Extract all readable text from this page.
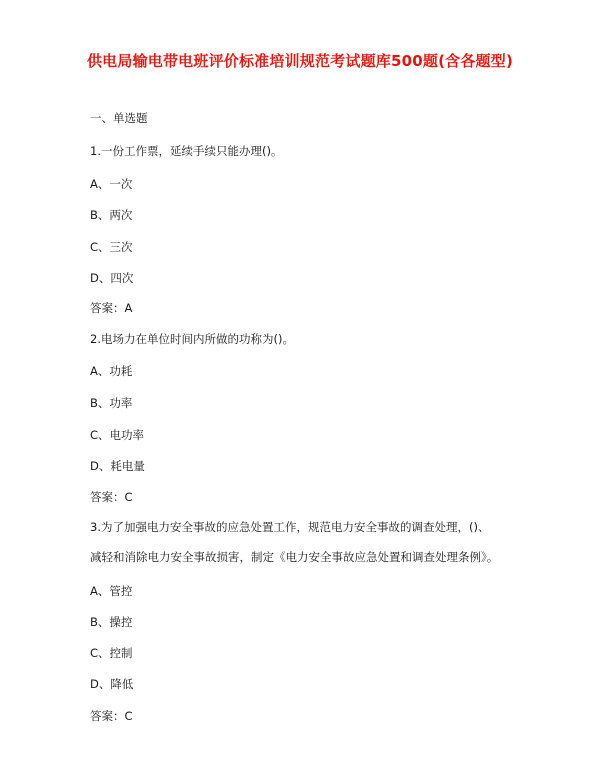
供电局输电带电班评价标准培训规范考试题库500题(含各题型)
一、单选题
1.一份工作票，延续手续只能办理()。
A、一次
B、两次
C、三次
D、四次
答案：A
2.电场力在单位时间内所做的功称为()。
A、功耗
B、功率
C、电功率
D、耗电量
答案：C
3.为了加强电力安全事故的应急处置工作，规范电力安全事故的调查处理，()、
减轻和消除电力安全事故损害，制定《电力安全事故应急处置和调查处理条例》。
A、管控
B、操控
C、控制
D、降低
答案：C
